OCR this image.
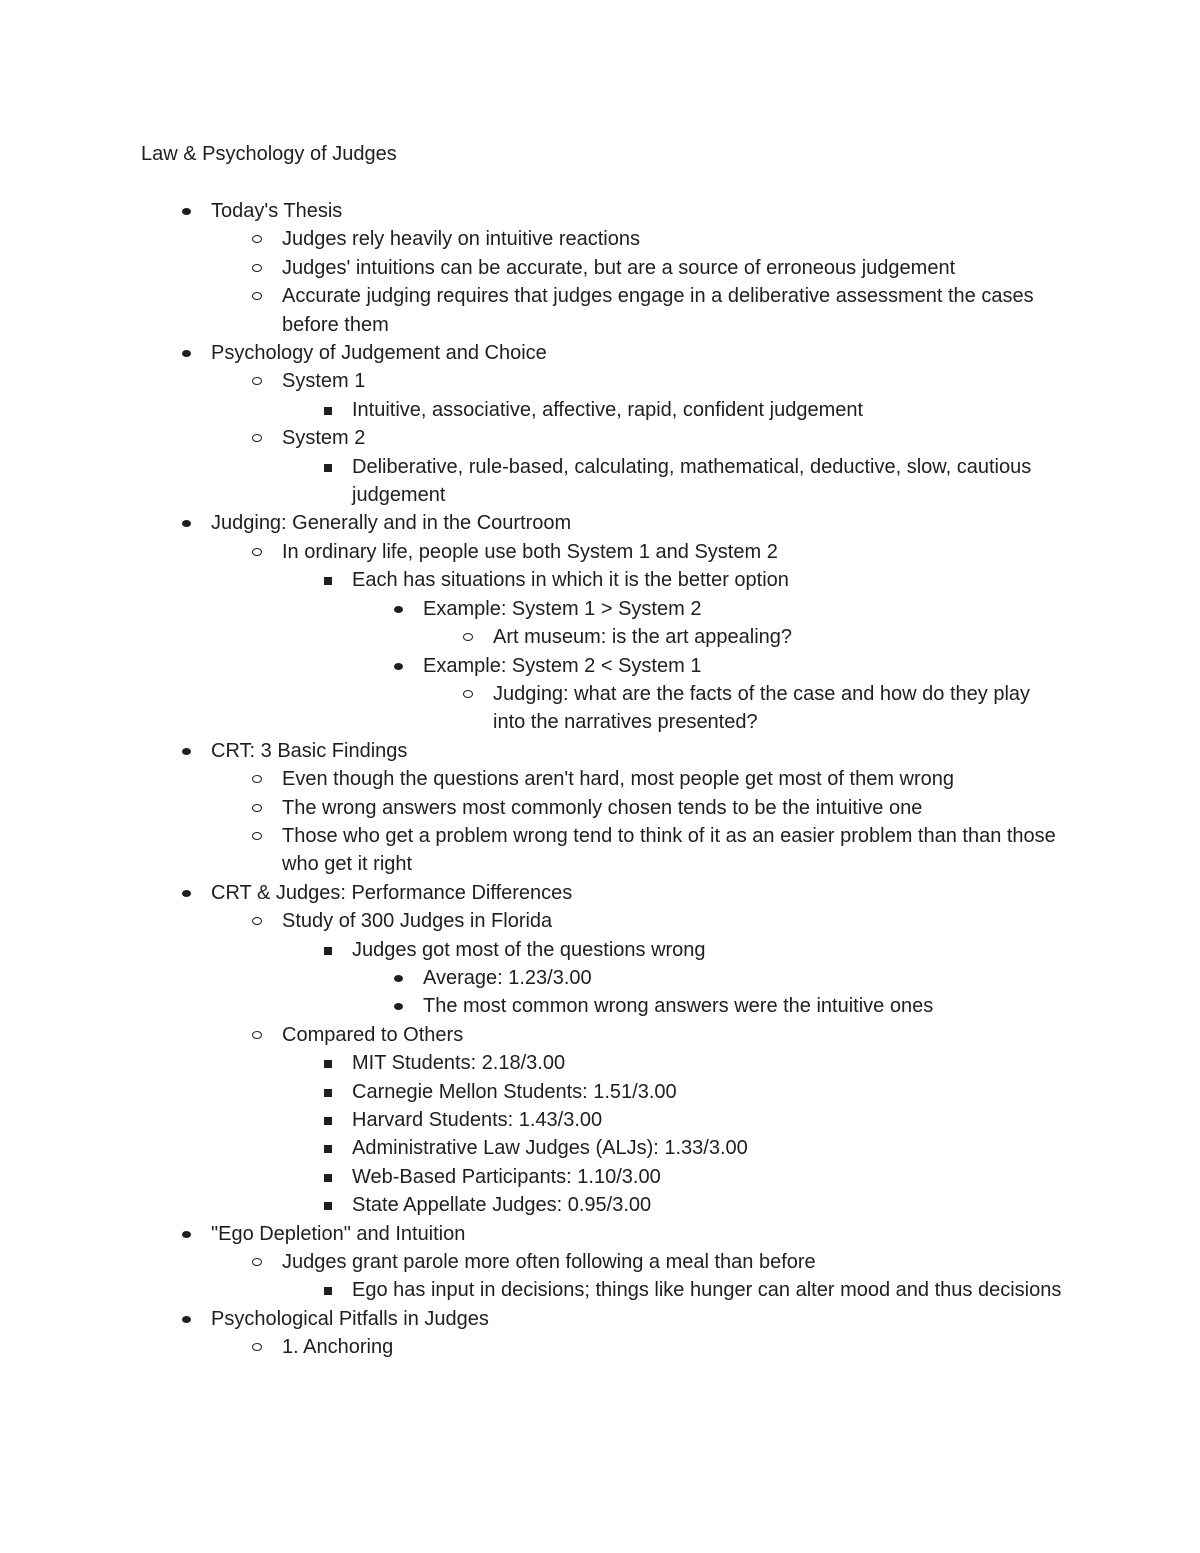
Law & Psychology of Judges
Today's Thesis
Judges rely heavily on intuitive reactions
Judges' intuitions can be accurate, but are a source of erroneous judgement
Accurate judging requires that judges engage in a deliberative assessment the cases before them
Psychology of Judgement and Choice
System 1
Intuitive, associative, affective, rapid, confident judgement
System 2
Deliberative, rule-based, calculating, mathematical, deductive, slow, cautious judgement
Judging: Generally and in the Courtroom
In ordinary life, people use both System 1 and System 2
Each has situations in which it is the better option
Example: System 1 > System 2
Art museum: is the art appealing?
Example: System 2 < System 1
Judging: what are the facts of the case and how do they play into the narratives presented?
CRT: 3 Basic Findings
Even though the questions aren't hard, most people get most of them wrong
The wrong answers most commonly chosen tends to be the intuitive one
Those who get a problem wrong tend to think of it as an easier problem than than those who get it right
CRT & Judges: Performance Differences
Study of 300 Judges in Florida
Judges got most of the questions wrong
Average: 1.23/3.00
The most common wrong answers were the intuitive ones
Compared to Others
MIT Students: 2.18/3.00
Carnegie Mellon Students: 1.51/3.00
Harvard Students: 1.43/3.00
Administrative Law Judges (ALJs): 1.33/3.00
Web-Based Participants: 1.10/3.00
State Appellate Judges: 0.95/3.00
"Ego Depletion" and Intuition
Judges grant parole more often following a meal than before
Ego has input in decisions; things like hunger can alter mood and thus decisions
Psychological Pitfalls in Judges
1. Anchoring
